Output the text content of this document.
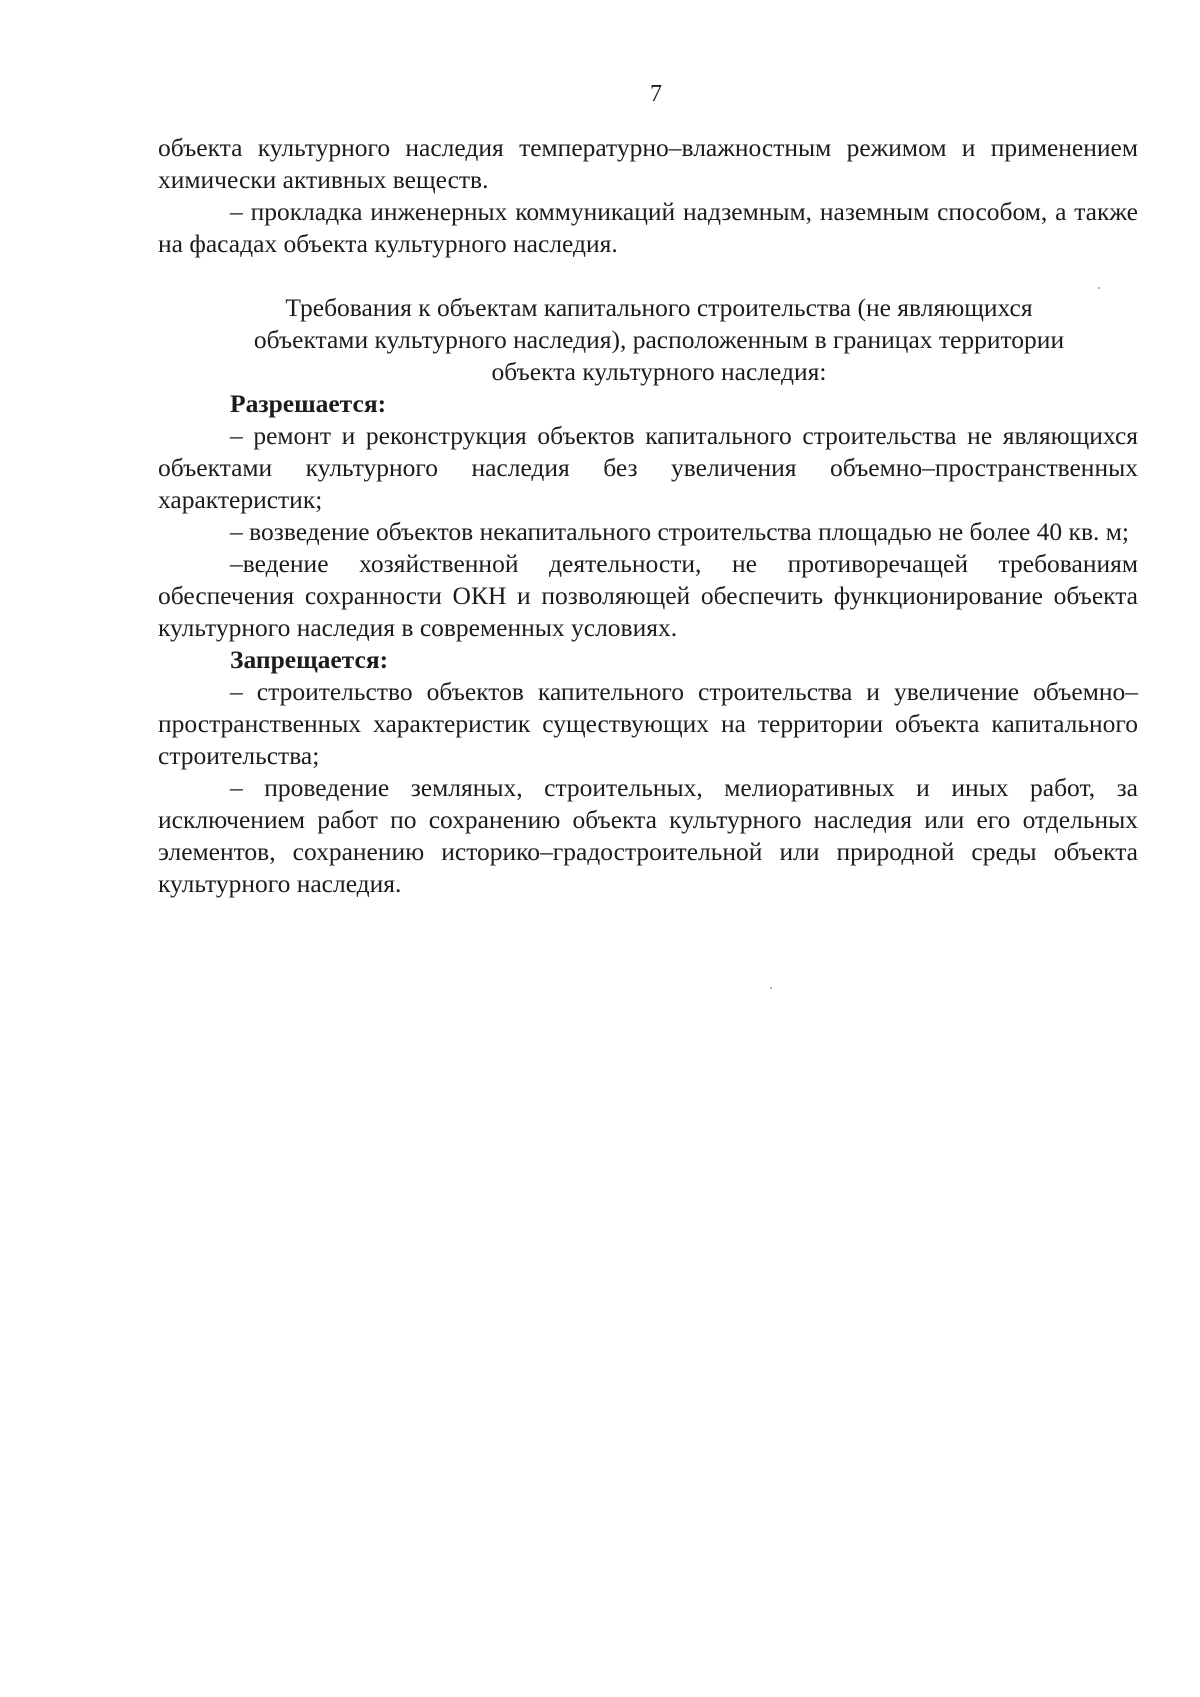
7

объекта культурного наследия температурно–влажностным режимом и применением химически активных веществ.

– прокладка инженерных коммуникаций надземным, наземным способом, а также на фасадах объекта культурного наследия.

Требования к объектам капитального строительства (не являющихся
объектами культурного наследия), расположенным в границах территории
объекта культурного наследия:

Разрешается:

– ремонт и реконструкция объектов капитального строительства не являющихся объектами культурного наследия без увеличения объемно–пространственных характеристик;

– возведение объектов некапитального строительства площадью не более 40 кв. м;

–ведение хозяйственной деятельности, не противоречащей требованиям обеспечения сохранности ОКН и позволяющей обеспечить функционирование объекта культурного наследия в современных условиях.

Запрещается:

– строительство объектов капительного строительства и увеличение объемно–пространственных характеристик существующих на территории объекта капитального строительства;

– проведение земляных, строительных, мелиоративных и иных работ, за исключением работ по сохранению объекта культурного наследия или его отдельных элементов, сохранению историко–градостроительной или природной среды объекта культурного наследия.
